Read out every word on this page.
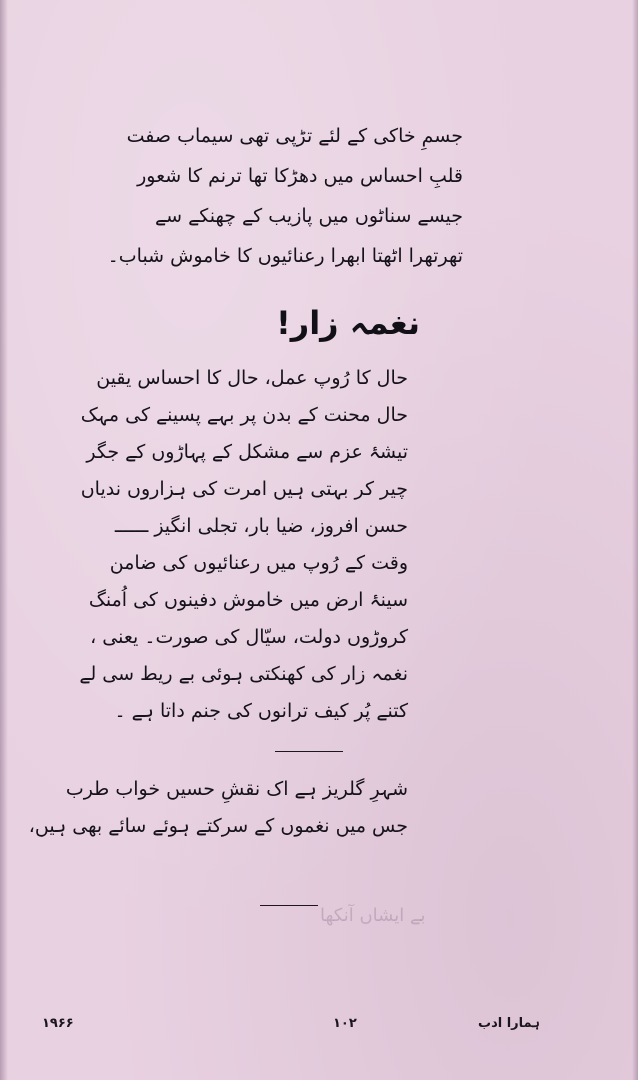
جسمِ خاکی کے لئے تڑپی تھی سیماب صفت
قلبِ احساس میں دھڑکا تھا ترنم کا شعور
جیسے سناٹوں میں پازیب کے چھنکے سے
تھرتھرا اٹھتا ابھرا رعنائیوں کا خاموش شباب۔
نغمہ زار!
حال کا رُوپ عمل، حال کا احساس یقین
حال محنت کے بدن پر بہے پسینے کی مہک
تیشۂ عزم سے مشکل کے پہاڑوں کے جگر
چیر کر بہتی ہیں امرت کی ہزاروں ندیاں
حسن افروز، ضیا بار، تجلی انگیز ــــــ
وقت کے رُوپ میں رعنائیوں کی ضامن
سینۂ ارض میں خاموش دفینوں کی اُمنگ
کروڑوں دولت، سیّال کی صورت۔ یعنی ،
نغمہ زار کی کھنکتی ہوئی بے ریط سی لے
کتنے پُر کیف ترانوں کی جنم داتا ہے ۔
شہرِ گلریز ہے اک نقشِ حسیں خواب طرب
جس میں نغموں کے سرکتے ہوئے سائے بھی ہیں،
بے ایشاں آنکھا
۱۹۶۶	۱۰۲	ہمارا ادب
